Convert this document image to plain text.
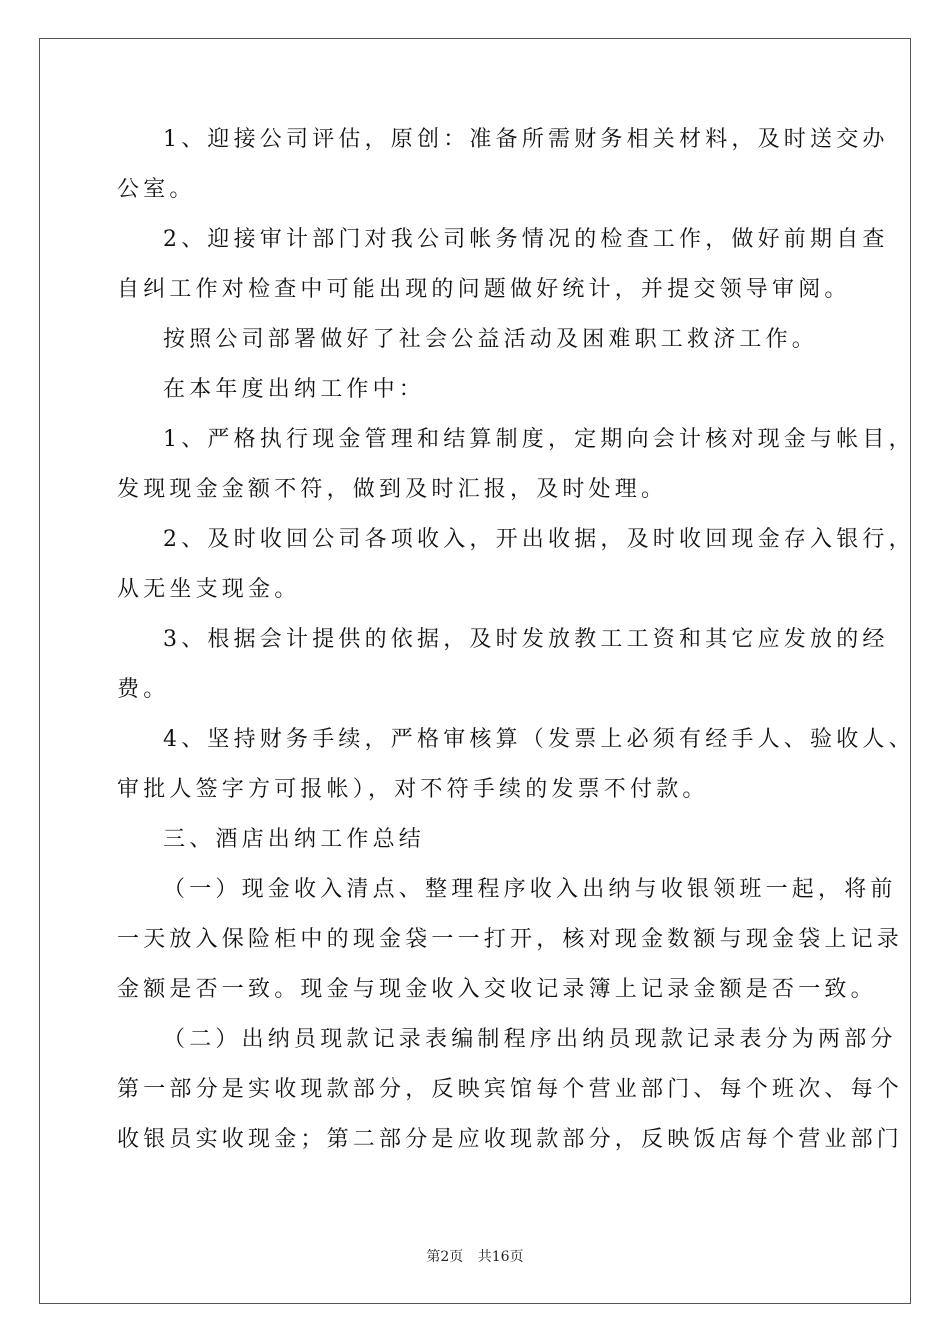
1、迎接公司评估，原创：准备所需财务相关材料，及时送交办
公室。
2、迎接审计部门对我公司帐务情况的检查工作，做好前期自查
自纠工作对检查中可能出现的问题做好统计，并提交领导审阅。
按照公司部署做好了社会公益活动及困难职工救济工作。
在本年度出纳工作中：
1、严格执行现金管理和结算制度，定期向会计核对现金与帐目，
发现现金金额不符，做到及时汇报，及时处理。
2、及时收回公司各项收入，开出收据，及时收回现金存入银行，
从无坐支现金。
3、根据会计提供的依据，及时发放教工工资和其它应发放的经
费。
4、坚持财务手续，严格审核算（发票上必须有经手人、验收人、
审批人签字方可报帐），对不符手续的发票不付款。
三、酒店出纳工作总结
（一）现金收入清点、整理程序收入出纳与收银领班一起，将前
一天放入保险柜中的现金袋一一打开，核对现金数额与现金袋上记录
金额是否一致。现金与现金收入交收记录簿上记录金额是否一致。
（二）出纳员现款记录表编制程序出纳员现款记录表分为两部分
第一部分是实收现款部分，反映宾馆每个营业部门、每个班次、每个
收银员实收现金；第二部分是应收现款部分，反映饭店每个营业部门
第2页 共16页
